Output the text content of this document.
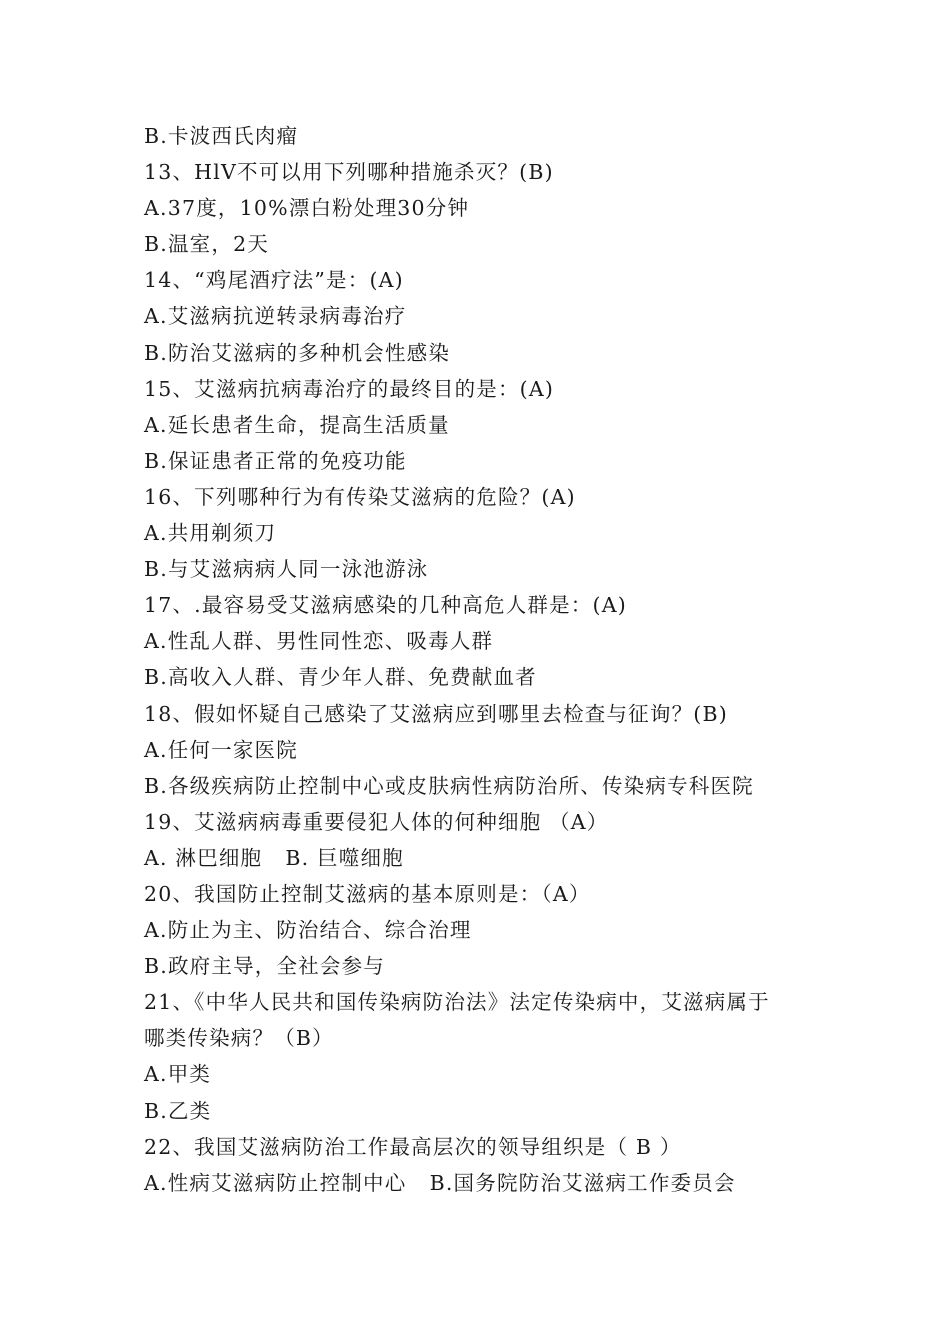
B.卡波西氏肉瘤
13、HlV不可以用下列哪种措施杀灭？(B)
A.37度，10%漂白粉处理30分钟
B.温室，2天
14、“鸡尾酒疗法”是：(A)
A.艾滋病抗逆转录病毒治疗
B.防治艾滋病的多种机会性感染
15、艾滋病抗病毒治疗的最终目的是：(A)
A.延长患者生命，提高生活质量
B.保证患者正常的免疫功能
16、下列哪种行为有传染艾滋病的危险？(A)
A.共用剃须刀
B.与艾滋病病人同一泳池游泳
17、.最容易受艾滋病感染的几种高危人群是：(A)
A.性乱人群、男性同性恋、吸毒人群
B.高收入人群、青少年人群、免费献血者
18、假如怀疑自己感染了艾滋病应到哪里去检查与征询？(B)
A.任何一家医院
B.各级疾病防止控制中心或皮肤病性病防治所、传染病专科医院
19、艾滋病病毒重要侵犯人体的何种细胞 （A）
A. 淋巴细胞   B. 巨噬细胞
20、我国防止控制艾滋病的基本原则是：（A）
A.防止为主、防治结合、综合治理
B.政府主导，全社会参与
21、《中华人民共和国传染病防治法》法定传染病中，艾滋病属于
哪类传染病？（B）
A.甲类
B.乙类
22、我国艾滋病防治工作最高层次的领导组织是（ B ）
A.性病艾滋病防止控制中心   B.国务院防治艾滋病工作委员会
